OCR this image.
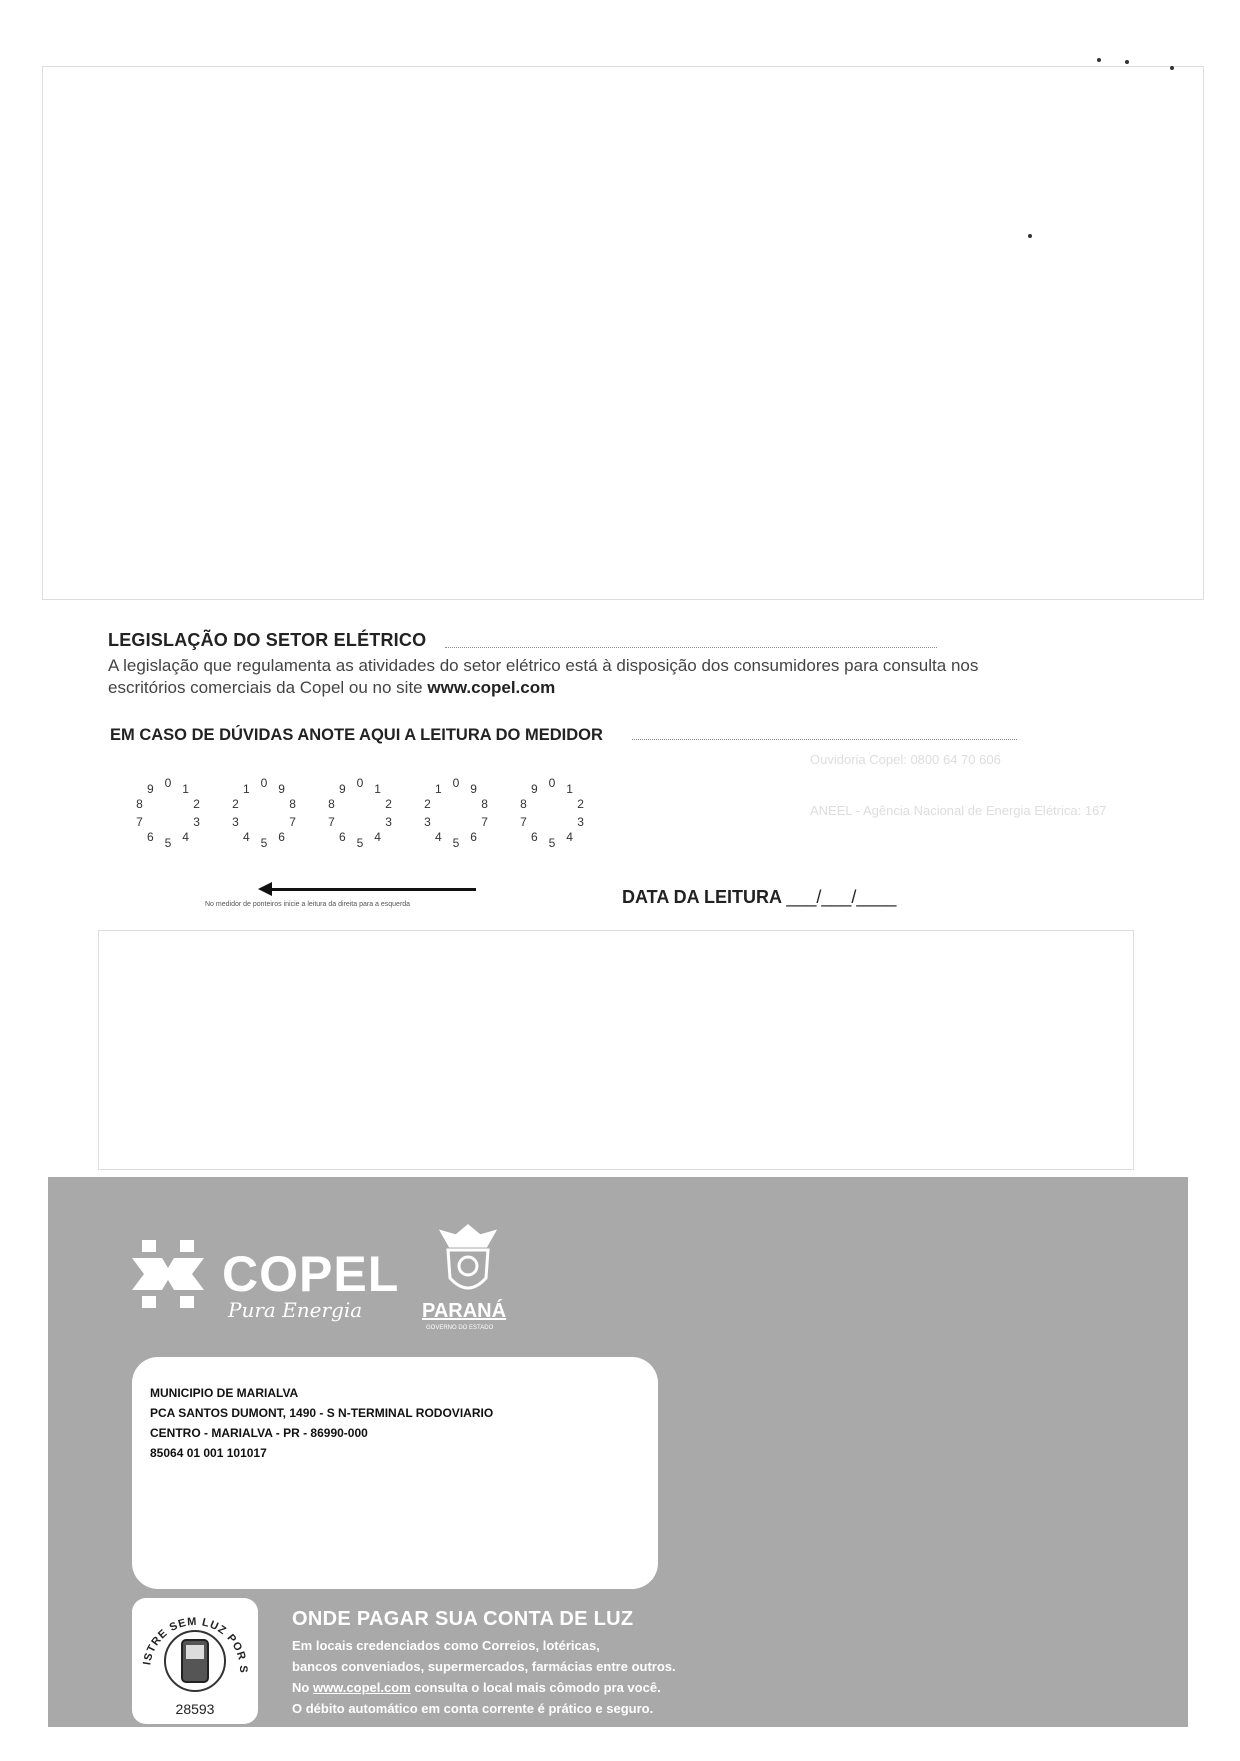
LEGISLAÇÃO DO SETOR ELÉTRICO
A legislação que regulamenta as atividades do setor elétrico está à disposição dos consumidores para consulta nos
escritórios comerciais da Copel ou no site www.copel.com
EM CASO DE DÚVIDAS ANOTE AQUI A LEITURA DO MEDIDOR
Ouvidoria Copel: 0800 64 70 606
ANEEL - Agência Nacional de Energia Elétrica: 167
0 1
2
3
4
5
6
7
8
9	0 9
8
7
6
5
4
3
2
1	0 1
2
3
4
5
6
7
8
9	0 9
8
7
6
5
4
3
2
1	0 1
2
3
4
5
6
7
8
9
No medidor de ponteiros inicie a leitura da direita para a esquerda	DATA DA LEITURA ___/___/____
COPEL
Pura Energia	PARANÁ
GOVERNO DO ESTADO
MUNICIPIO DE MARIALVA
PCA SANTOS DUMONT, 1490 - S N-TERMINAL RODOVIARIO
CENTRO - MARIALVA - PR - 86990-000
85064 01 001 101017
ISTRE SEM LUZ POR S
28593
ONDE PAGAR SUA CONTA DE LUZ
Em locais credenciados como Correios, lotéricas,
bancos conveniados, supermercados, farmácias entre outros.
No www.copel.com consulta o local mais cômodo pra você.
O débito automático em conta corrente é prático e seguro.
